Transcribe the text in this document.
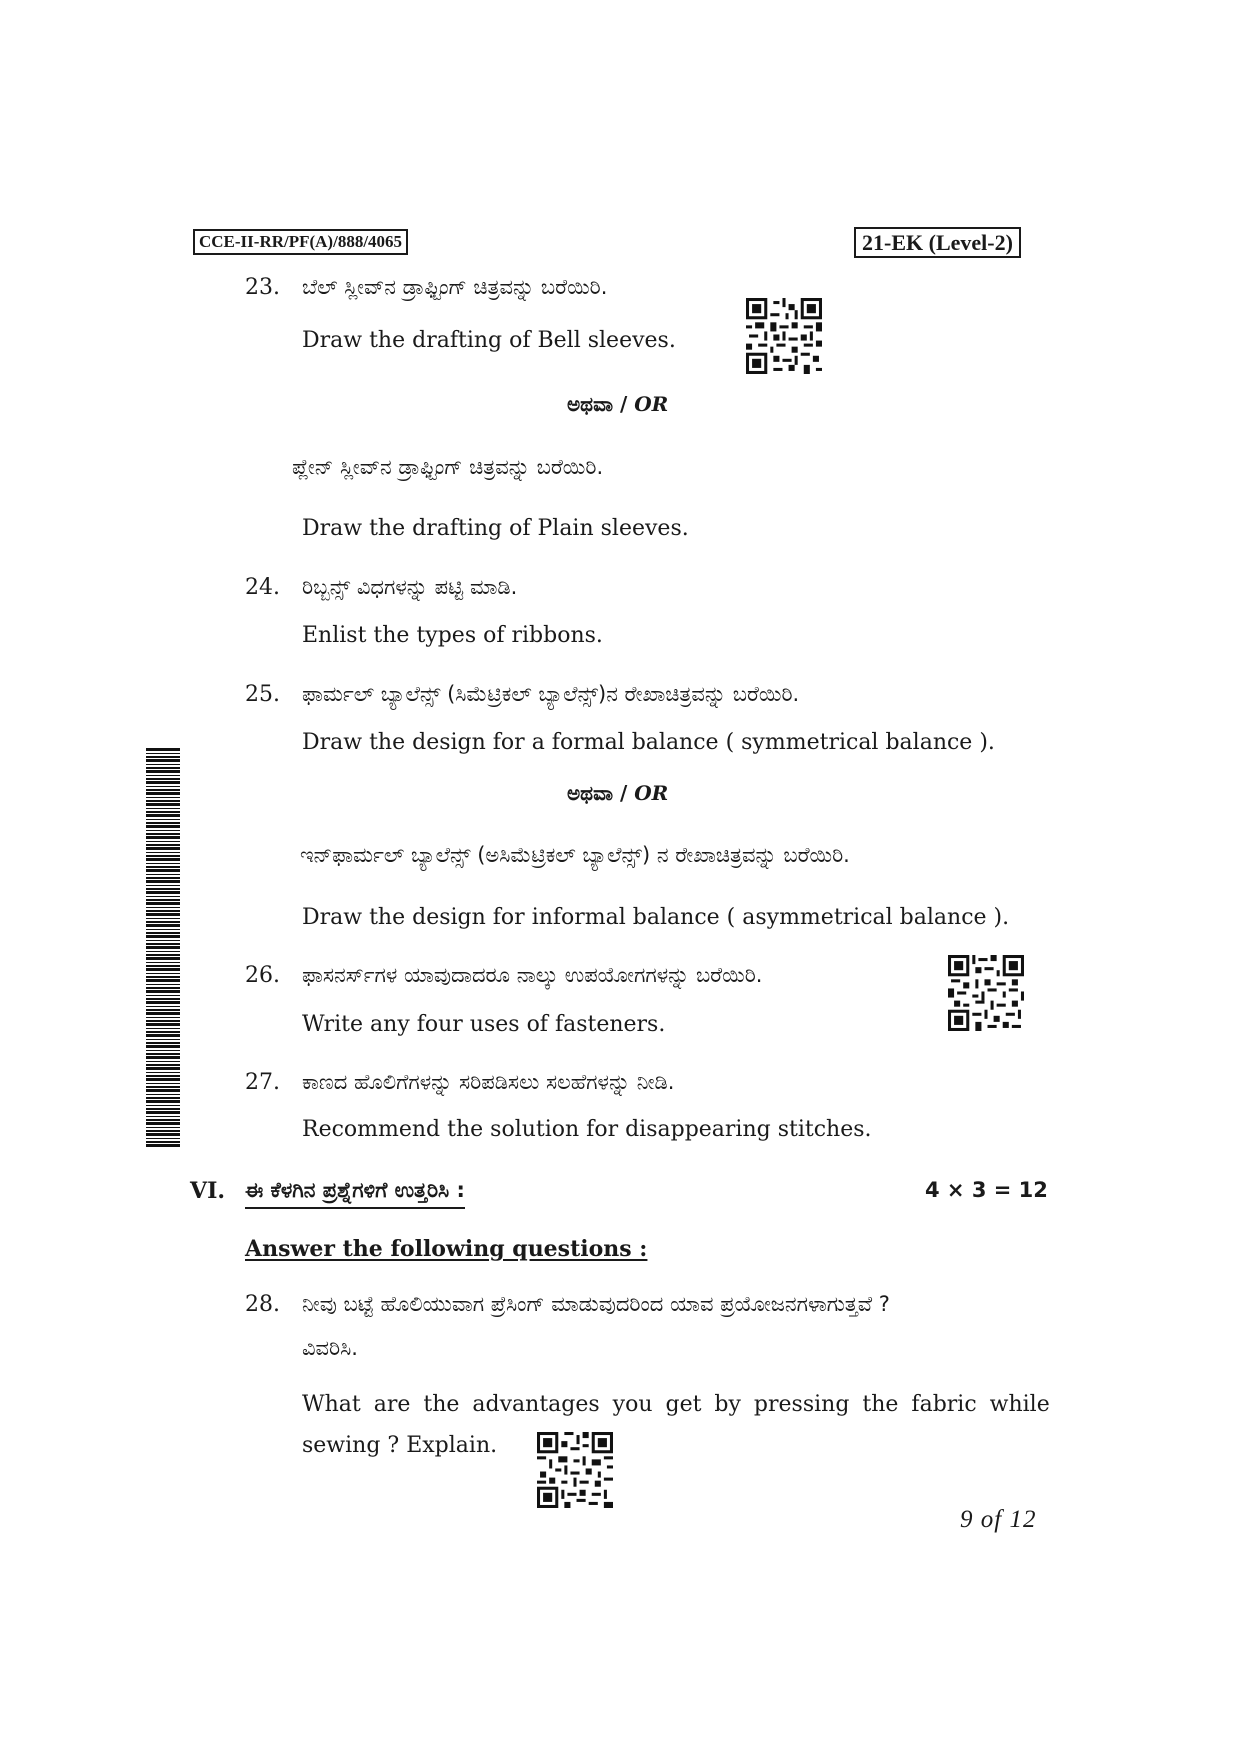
CCE-II-RR/PF(A)/888/4065	21-EK (Level-2)
23. ಬೆಲ್ ಸ್ಲೀವ್‌ನ ಡ್ರಾಫ್ಟಿಂಗ್ ಚಿತ್ರವನ್ನು ಬರೆಯಿರಿ.
Draw the drafting of Bell sleeves.
ಅಥವಾ / OR
ಪ್ಲೇನ್ ಸ್ಲೀವ್‌ನ ಡ್ರಾಫ್ಟಿಂಗ್ ಚಿತ್ರವನ್ನು ಬರೆಯಿರಿ.
Draw the drafting of Plain sleeves.
24. ರಿಬ್ಬನ್ಸ್ ವಿಧಗಳನ್ನು ಪಟ್ಟಿ ಮಾಡಿ.
Enlist the types of ribbons.
25. ಫಾರ್ಮಲ್ ಬ್ಯಾಲೆನ್ಸ್ (ಸಿಮೆಟ್ರಿಕಲ್ ಬ್ಯಾಲೆನ್ಸ್)ನ ರೇಖಾಚಿತ್ರವನ್ನು ಬರೆಯಿರಿ.
Draw the design for a formal balance ( symmetrical balance ).
ಅಥವಾ / OR
ಇನ್‌ಫಾರ್ಮಲ್ ಬ್ಯಾಲೆನ್ಸ್ (ಅಸಿಮೆಟ್ರಿಕಲ್ ಬ್ಯಾಲೆನ್ಸ್) ನ ರೇಖಾಚಿತ್ರವನ್ನು ಬರೆಯಿರಿ.
Draw the design for informal balance ( asymmetrical balance ).
26. ಫಾಸನರ್ಸ್‌ಗಳ ಯಾವುದಾದರೂ ನಾಲ್ಕು ಉಪಯೋಗಗಳನ್ನು ಬರೆಯಿರಿ.
Write any four uses of fasteners.
27. ಕಾಣದ ಹೊಲಿಗೆಗಳನ್ನು ಸರಿಪಡಿಸಲು ಸಲಹೆಗಳನ್ನು ನೀಡಿ.
Recommend the solution for disappearing stitches.
VI. ಈ ಕೆಳಗಿನ ಪ್ರಶ್ನೆಗಳಿಗೆ ಉತ್ತರಿಸಿ :	4 × 3 = 12
Answer the following questions :
28. ನೀವು ಬಟ್ಟೆ ಹೊಲಿಯುವಾಗ ಪ್ರೆಸಿಂಗ್ ಮಾಡುವುದರಿಂದ ಯಾವ ಪ್ರಯೋಜನಗಳಾಗುತ್ತವೆ ?
ವಿವರಿಸಿ.
What are the advantages you get by pressing the fabric while
sewing ? Explain.
9 of 12
